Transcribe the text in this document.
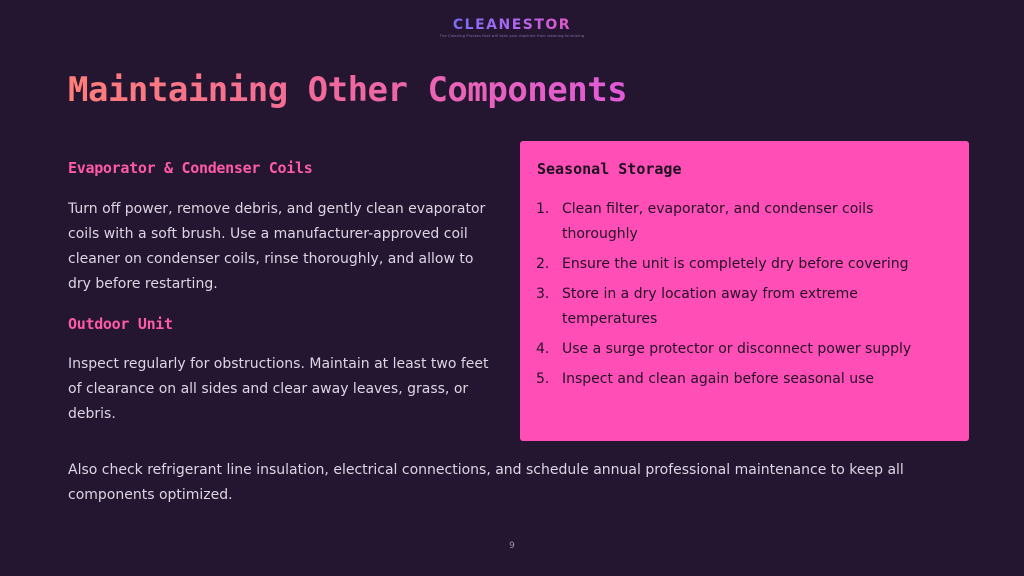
CLEANESTOR
The Cleaning Process that will take your machine from cleaning to shining
Maintaining Other Components
Evaporator & Condenser Coils
Turn off power, remove debris, and gently clean evaporator coils with a soft brush. Use a manufacturer-approved coil cleaner on condenser coils, rinse thoroughly, and allow to dry before restarting.
Outdoor Unit
Inspect regularly for obstructions. Maintain at least two feet of clearance on all sides and clear away leaves, grass, or debris.
Seasonal Storage
1. Clean filter, evaporator, and condenser coils thoroughly
2. Ensure the unit is completely dry before covering
3. Store in a dry location away from extreme temperatures
4. Use a surge protector or disconnect power supply
5. Inspect and clean again before seasonal use
Also check refrigerant line insulation, electrical connections, and schedule annual professional maintenance to keep all components optimized.
9
